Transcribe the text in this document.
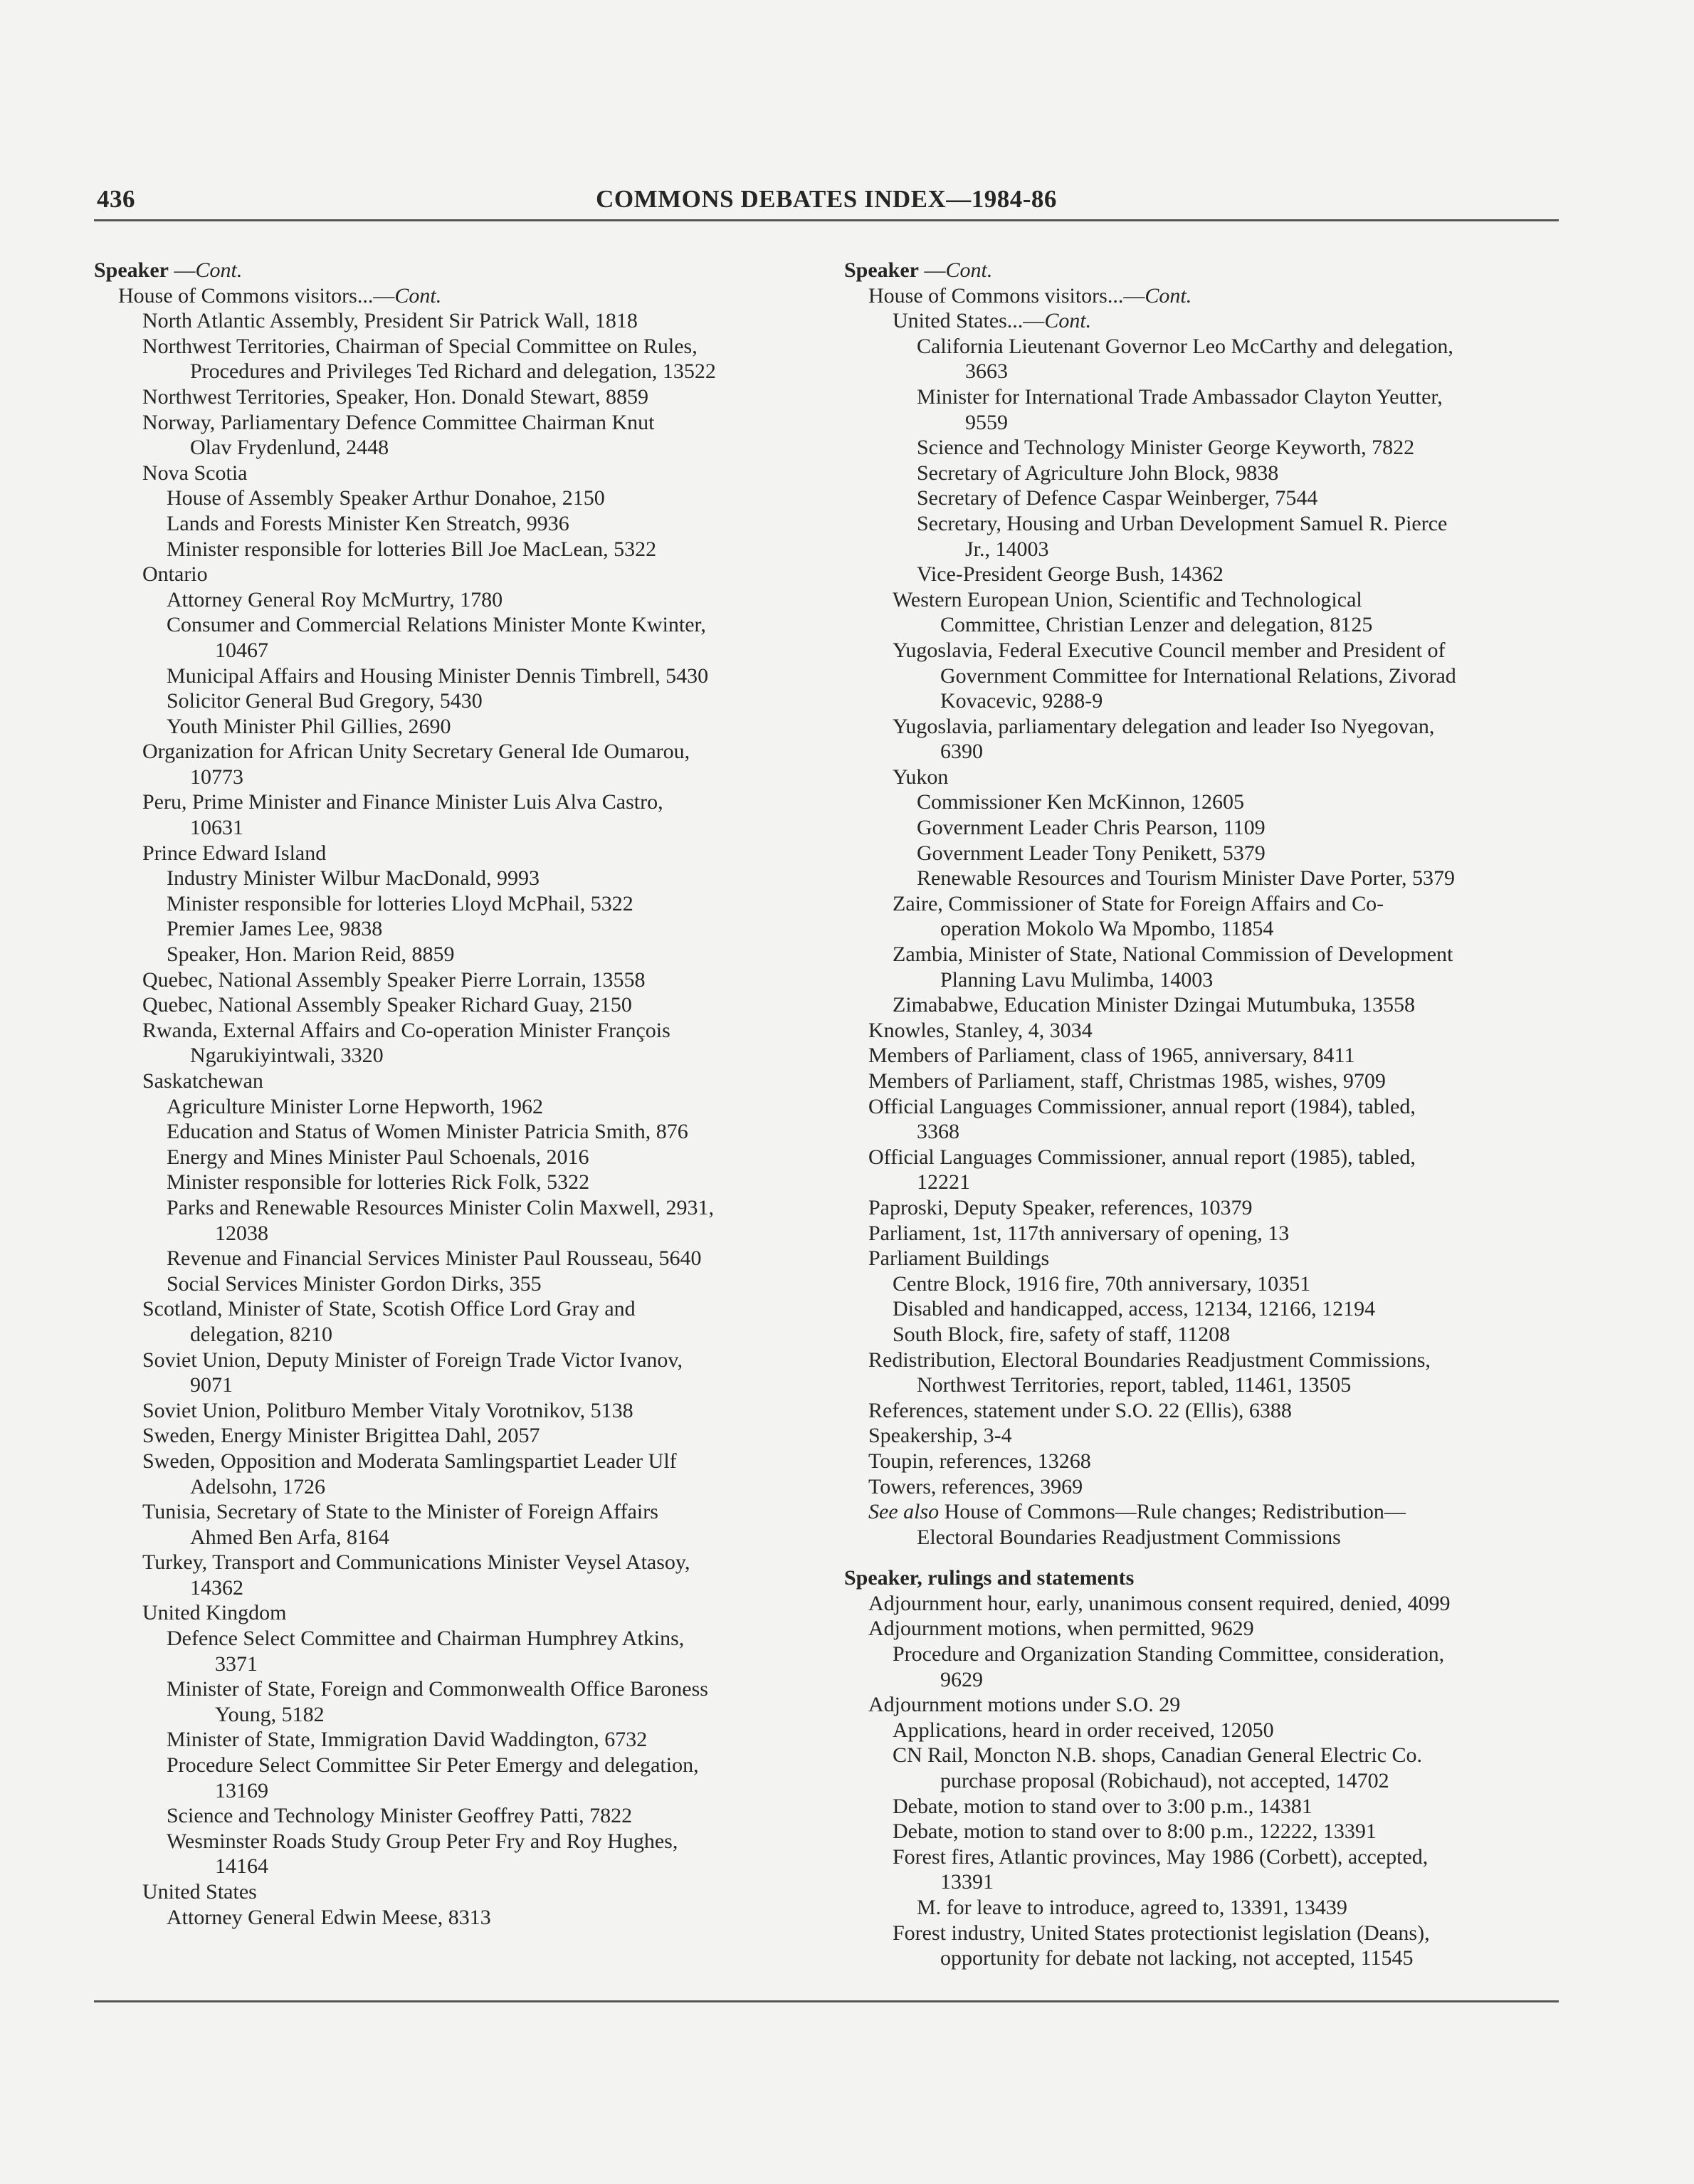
436	COMMONS DEBATES INDEX—1984-86
Speaker —Cont.
House of Commons visitors...—Cont.
North Atlantic Assembly, President Sir Patrick Wall, 1818
Northwest Territories, Chairman of Special Committee on Rules,
Procedures and Privileges Ted Richard and delegation, 13522
Northwest Territories, Speaker, Hon. Donald Stewart, 8859
Norway, Parliamentary Defence Committee Chairman Knut
Olav Frydenlund, 2448
Nova Scotia
House of Assembly Speaker Arthur Donahoe, 2150
Lands and Forests Minister Ken Streatch, 9936
Minister responsible for lotteries Bill Joe MacLean, 5322
Ontario
Attorney General Roy McMurtry, 1780
Consumer and Commercial Relations Minister Monte Kwinter,
10467
Municipal Affairs and Housing Minister Dennis Timbrell, 5430
Solicitor General Bud Gregory, 5430
Youth Minister Phil Gillies, 2690
Organization for African Unity Secretary General Ide Oumarou,
10773
Peru, Prime Minister and Finance Minister Luis Alva Castro,
10631
Prince Edward Island
Industry Minister Wilbur MacDonald, 9993
Minister responsible for lotteries Lloyd McPhail, 5322
Premier James Lee, 9838
Speaker, Hon. Marion Reid, 8859
Quebec, National Assembly Speaker Pierre Lorrain, 13558
Quebec, National Assembly Speaker Richard Guay, 2150
Rwanda, External Affairs and Co-operation Minister François
Ngarukiyintwali, 3320
Saskatchewan
Agriculture Minister Lorne Hepworth, 1962
Education and Status of Women Minister Patricia Smith, 876
Energy and Mines Minister Paul Schoenals, 2016
Minister responsible for lotteries Rick Folk, 5322
Parks and Renewable Resources Minister Colin Maxwell, 2931,
12038
Revenue and Financial Services Minister Paul Rousseau, 5640
Social Services Minister Gordon Dirks, 355
Scotland, Minister of State, Scotish Office Lord Gray and
delegation, 8210
Soviet Union, Deputy Minister of Foreign Trade Victor Ivanov,
9071
Soviet Union, Politburo Member Vitaly Vorotnikov, 5138
Sweden, Energy Minister Brigittea Dahl, 2057
Sweden, Opposition and Moderata Samlingspartiet Leader Ulf
Adelsohn, 1726
Tunisia, Secretary of State to the Minister of Foreign Affairs
Ahmed Ben Arfa, 8164
Turkey, Transport and Communications Minister Veysel Atasoy,
14362
United Kingdom
Defence Select Committee and Chairman Humphrey Atkins,
3371
Minister of State, Foreign and Commonwealth Office Baroness
Young, 5182
Minister of State, Immigration David Waddington, 6732
Procedure Select Committee Sir Peter Emergy and delegation,
13169
Science and Technology Minister Geoffrey Patti, 7822
Wesminster Roads Study Group Peter Fry and Roy Hughes,
14164
United States
Attorney General Edwin Meese, 8313
Speaker —Cont.
House of Commons visitors...—Cont.
United States...—Cont.
California Lieutenant Governor Leo McCarthy and delegation,
3663
Minister for International Trade Ambassador Clayton Yeutter,
9559
Science and Technology Minister George Keyworth, 7822
Secretary of Agriculture John Block, 9838
Secretary of Defence Caspar Weinberger, 7544
Secretary, Housing and Urban Development Samuel R. Pierce
Jr., 14003
Vice-President George Bush, 14362
Western European Union, Scientific and Technological
Committee, Christian Lenzer and delegation, 8125
Yugoslavia, Federal Executive Council member and President of
Government Committee for International Relations, Zivorad
Kovacevic, 9288-9
Yugoslavia, parliamentary delegation and leader Iso Nyegovan,
6390
Yukon
Commissioner Ken McKinnon, 12605
Government Leader Chris Pearson, 1109
Government Leader Tony Penikett, 5379
Renewable Resources and Tourism Minister Dave Porter, 5379
Zaire, Commissioner of State for Foreign Affairs and Co-
operation Mokolo Wa Mpombo, 11854
Zambia, Minister of State, National Commission of Development
Planning Lavu Mulimba, 14003
Zimababwe, Education Minister Dzingai Mutumbuka, 13558
Knowles, Stanley, 4, 3034
Members of Parliament, class of 1965, anniversary, 8411
Members of Parliament, staff, Christmas 1985, wishes, 9709
Official Languages Commissioner, annual report (1984), tabled,
3368
Official Languages Commissioner, annual report (1985), tabled,
12221
Paproski, Deputy Speaker, references, 10379
Parliament, 1st, 117th anniversary of opening, 13
Parliament Buildings
Centre Block, 1916 fire, 70th anniversary, 10351
Disabled and handicapped, access, 12134, 12166, 12194
South Block, fire, safety of staff, 11208
Redistribution, Electoral Boundaries Readjustment Commissions,
Northwest Territories, report, tabled, 11461, 13505
References, statement under S.O. 22 (Ellis), 6388
Speakership, 3-4
Toupin, references, 13268
Towers, references, 3969
See also House of Commons—Rule changes; Redistribution—
Electoral Boundaries Readjustment Commissions
Speaker, rulings and statements
Adjournment hour, early, unanimous consent required, denied, 4099
Adjournment motions, when permitted, 9629
Procedure and Organization Standing Committee, consideration,
9629
Adjournment motions under S.O. 29
Applications, heard in order received, 12050
CN Rail, Moncton N.B. shops, Canadian General Electric Co.
purchase proposal (Robichaud), not accepted, 14702
Debate, motion to stand over to 3:00 p.m., 14381
Debate, motion to stand over to 8:00 p.m., 12222, 13391
Forest fires, Atlantic provinces, May 1986 (Corbett), accepted,
13391
M. for leave to introduce, agreed to, 13391, 13439
Forest industry, United States protectionist legislation (Deans),
opportunity for debate not lacking, not accepted, 11545
